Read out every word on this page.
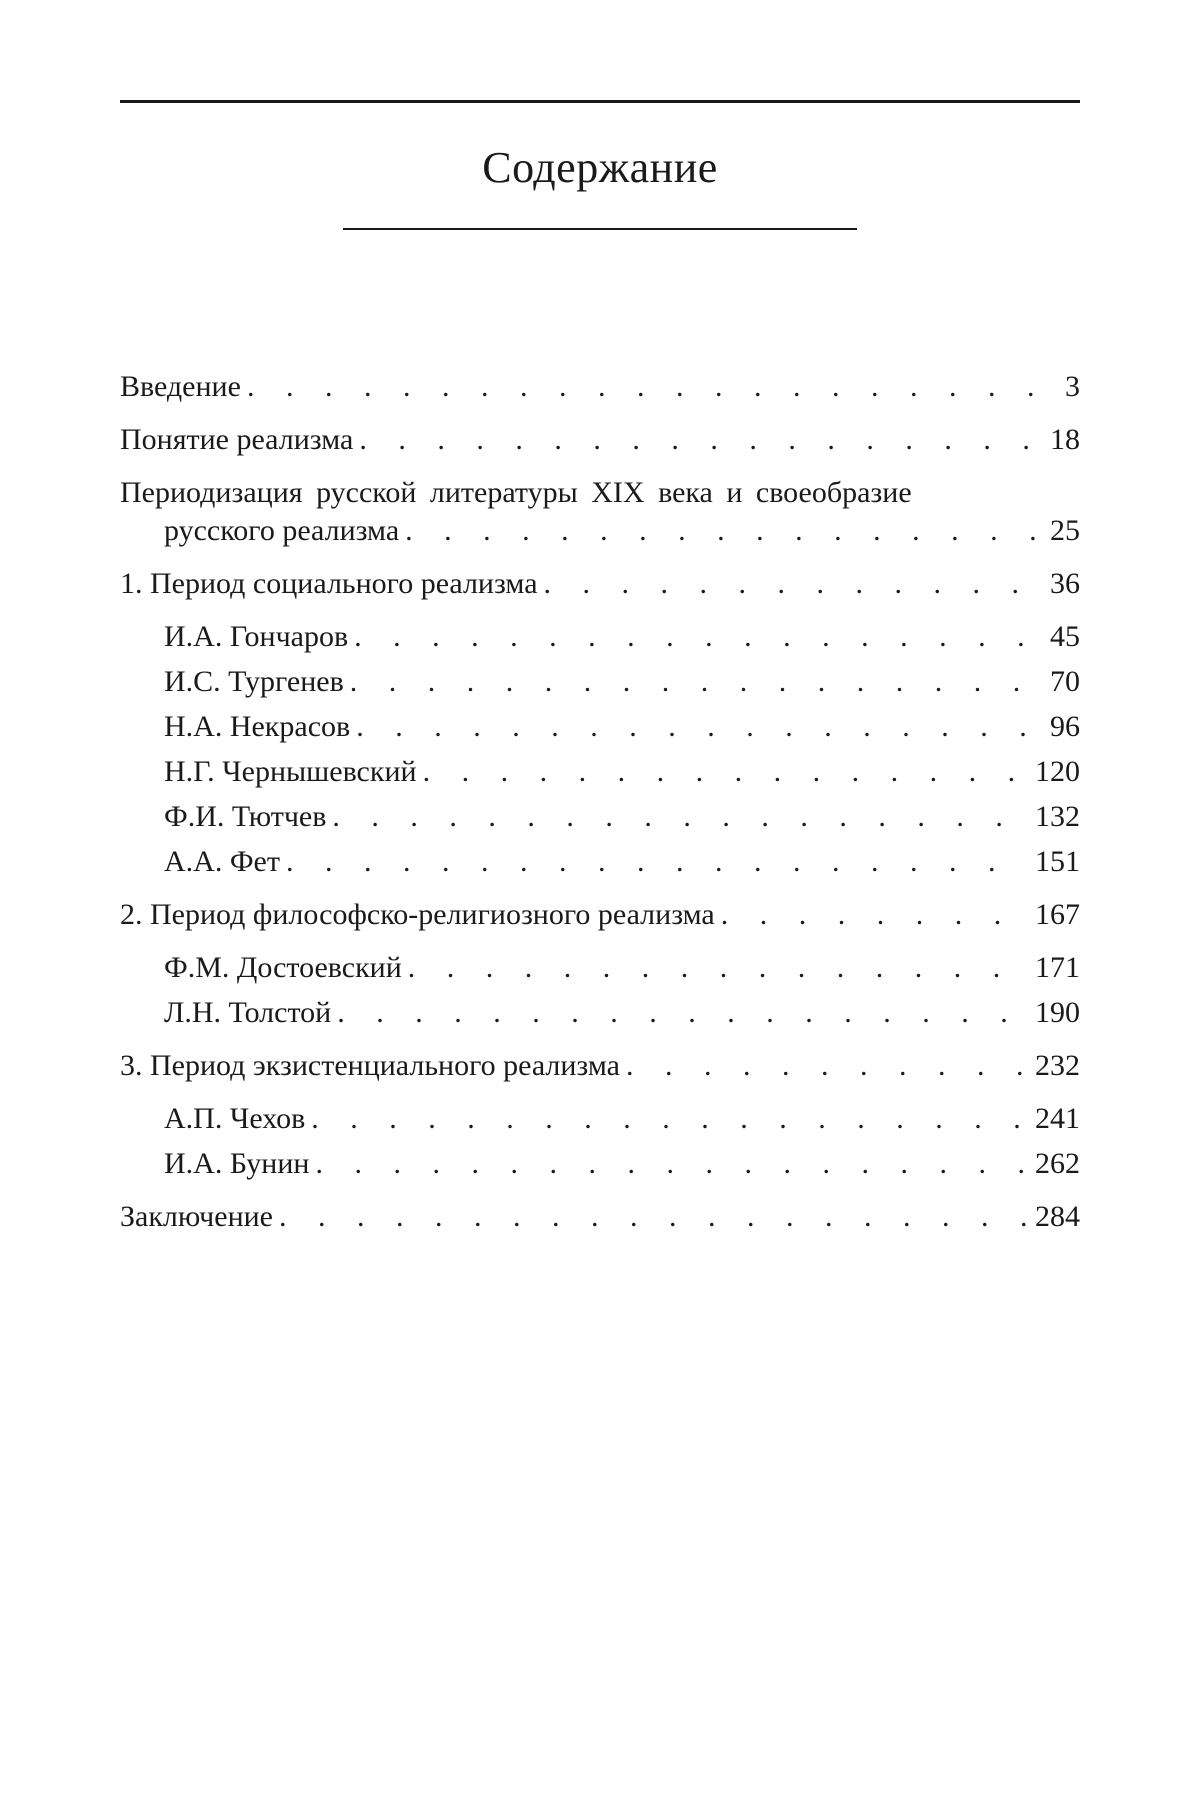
Содержание
Введение . . .	3
Понятие реализма . . .	18
Периодизация русской литературы XIX века и своеобразие
русского реализма . . .	25
1. Период социального реализма . . .	36
И.А. Гончаров . . .	45
И.С. Тургенев . . .	70
Н.А. Некрасов . . .	96
Н.Г. Чернышевский . . .	120
Ф.И. Тютчев . . .	132
А.А. Фет . . .	151
2. Период философско-религиозного реализма . . .	167
Ф.М. Достоевский . . .	171
Л.Н. Толстой . . .	190
3. Период экзистенциального реализма . . .	232
А.П. Чехов . . .	241
И.А. Бунин . . .	262
Заключение . . .	284
